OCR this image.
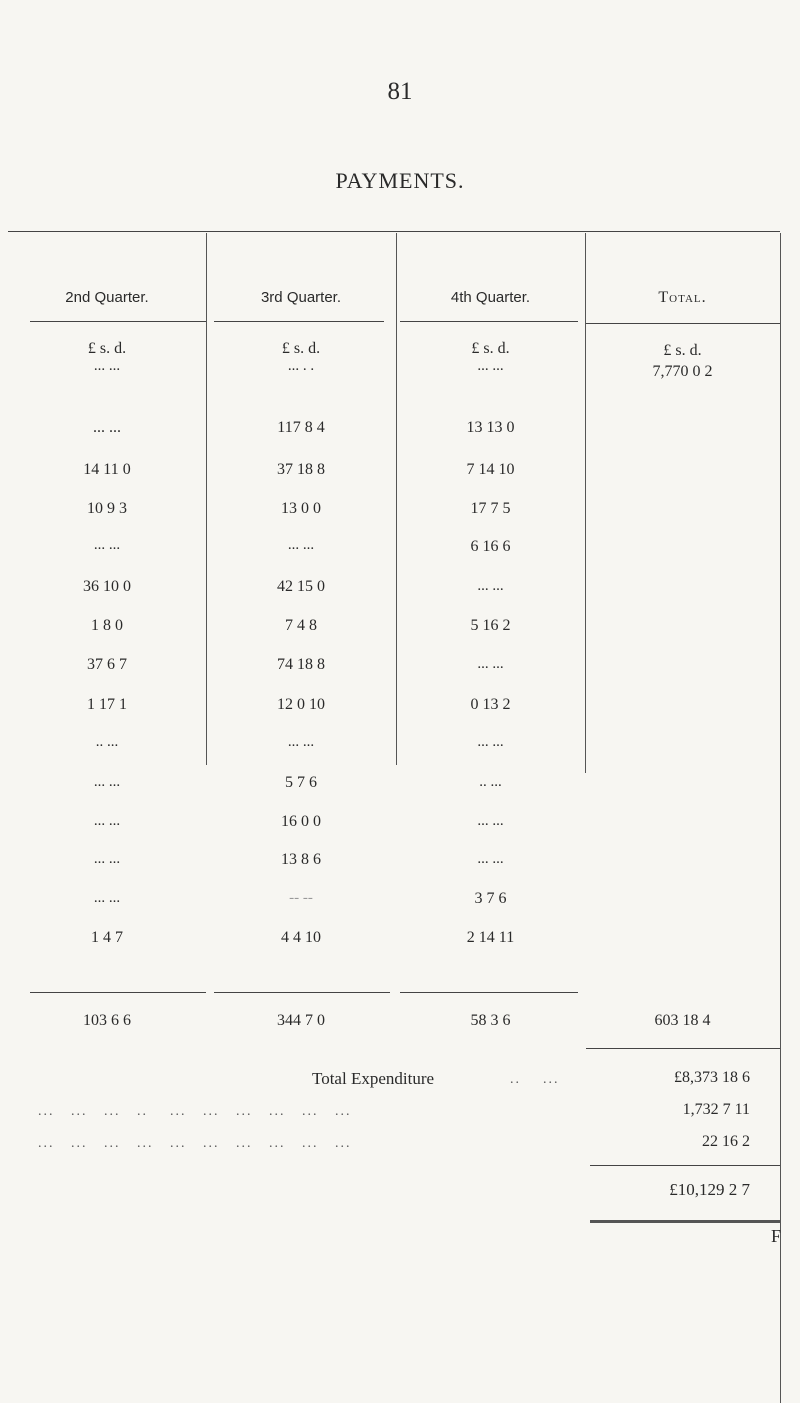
81
PAYMENTS.
2nd Quarter.	3rd Quarter.	4th Quarter.	Total.
£ s. d.	£ s. d.	£ s. d.	£ s. d.
... ...	... . .	... ...	7,770 0 2
... ...	117 8 4	13 13 0
14 11 0	37 18 8	7 14 10
10 9 3	13 0 0	17 7 5
... ...	... ...	6 16 6
36 10 0	42 15 0	... ...
1 8 0	7 4 8	5 16 2
37 6 7	74 18 8	... ...
1 17 1	12 0 10	0 13 2
.. ...	... ...	... ...
... ...	5 7 6	.. ...
... ...	16 0 0	... ...
... ...	13 8 6	... ...
... ...	-- --	3 7 6
1 4 7	4 4 10	2 14 11
103 6 6	344 7 0	58 3 6	603 18 4
Total Expenditure	..    ...	£8,373 18 6
...   ...   ...   ..    ...   ...   ...   ...   ...   ...	1,732 7 11
...   ...   ...   ...   ...   ...   ...   ...   ...   ...	22 16 2
£10,129 2 7
F
